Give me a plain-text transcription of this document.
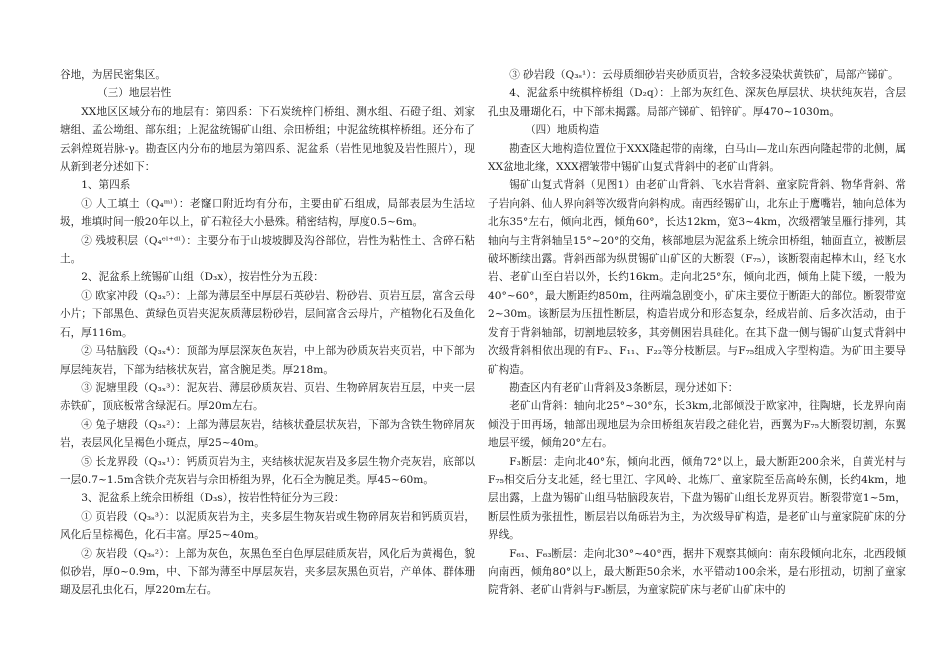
谷地，为居民密集区。

（三）地层岩性

XX地区区域分布的地层有：第四系：下石炭统梓门桥组、测水组、石磴子组、刘家塘组、孟公坳组、部东组；上泥盆统锡矿山组、佘田桥组；中泥盆统棋梓桥组。还分布了云斜煌斑岩脉-γ。勘查区内分布的地层为第四系、泥盆系（岩性见地貌及岩性照片），现从新到老分述如下：

1、第四系

① 人工填土（Q₄ᵐˡ）：老窿口附近均有分布，主要由矿石组成，局部表层为生活垃圾，堆填时间一般20年以上，矿石粒径大小悬殊。稍密结构，厚度0.5~6m。

② 残坡积层（Q₄ᵉˡ⁺ᵈˡ）：主要分布于山坡坡脚及沟谷部位，岩性为粘性土、含碎石粘土。

2、泥盆系上统锡矿山组（D₃x），按岩性分为五段：

① 欧家冲段（Q₃ₓ⁵）：上部为薄层至中厚层石英砂岩、粉砂岩、页岩互层，富含云母小片；下部黑色、黄绿色页岩夹泥灰质薄层粉砂岩，层间富含云母片，产植物化石及鱼化石，厚116m。

② 马牯脑段（Q₃ₓ⁴）：顶部为厚层深灰色灰岩，中上部为砂质灰岩夹页岩，中下部为厚层纯灰岩，下部为结核状灰岩，富含腕足类。厚218m。

③ 泥塘里段（Q₃ₓ³）：泥灰岩、薄层砂质灰岩、页岩、生物碎屑灰岩互层，中夹一层赤铁矿，顶底板常含绿泥石。厚20m左右。

④ 兔子塘段（Q₃ₓ²）：上部为薄层灰岩，结核状叠层状灰岩，下部为含铁生物碎屑灰岩，表层风化呈褐色小斑点，厚25~40m。

⑤ 长龙界段（Q₃ₓ¹）：钙质页岩为主，夹结核状泥灰岩及多层生物介壳灰岩，底部以一层0.7~1.5m含铁介壳灰岩与佘田桥组为界，化石全为腕足类。厚45~60m。

3、泥盆系上统佘田桥组（D₃s），按岩性特征分为三段：

① 页岩段（Q₃ₛ³）：以泥质灰岩为主，夹多层生物灰岩或生物碎屑灰岩和钙质页岩，风化后呈棕褐色，化石丰富。厚25~40m。

② 灰岩段（Q₃ₛ²）：上部为灰色，灰黑色至白色厚层硅质灰岩，风化后为黄褐色，貌似砂岩，厚0~0.9m，中、下部为薄至中厚层灰岩，夹多层灰黑色页岩，产单体、群体珊瑚及层孔虫化石，厚220m左右。

③ 砂岩段（Q₃ₛ¹）：云母质细砂岩夹砂质页岩，含较多浸染状黄铁矿，局部产锑矿。

4、泥盆系中统棋梓桥组（D₂q）：上部为灰红色、深灰色厚层状、块状纯灰岩，含层孔虫及珊瑚化石，中下部未揭露。局部产锑矿、铅锌矿。厚470~1030m。

（四）地质构造

勘查区大地构造位置位于XXX隆起带的南缘，白马山—龙山东西向隆起带的北侧，属XX盆地北缘，XXX褶皱带中锡矿山复式背斜中的老矿山背斜。

锡矿山复式背斜（见图1）由老矿山背斜、飞水岩背斜、童家院背斜、物华背斜、常子岩向斜、仙人界向斜等次级背向斜构成。南西经锡矿山，北东止于鹰嘴岩，轴向总体为北东35°左右，倾向北西，倾角60°，长达12km，宽3~4km，次级褶皱呈雁行排列，其轴向与主背斜轴呈15°~20°的交角，核部地层为泥盆系上统佘田桥组，轴面直立，被断层破坏断续出露。背斜西部为纵贯锡矿山矿区的大断裂（F₇₅），该断裂南起棒木山，经飞水岩、老矿山至白岩以外，长约16km。走向北25°东，倾向北西，倾角上陡下缓，一般为40°~60°，最大断距约850m，往两端急剧变小，矿床主要位于断距大的部位。断裂带宽2~30m。该断层为压扭性断层，构造岩成分和形态复杂，经成岩前、后多次活动，由于发育于背斜轴部，切割地层较多，其旁侧困岩具硅化。在其下盘一侧与锡矿山复式背斜中次级背斜相依出现的有F₂、F₁₁、F₂₂等分枝断层。与F₇₅组成入字型构造。为矿田主要导矿构造。

勘查区内有老矿山背斜及3条断层，现分述如下：

老矿山背斜：轴向北25°~30°东，长3km,北部倾没于欧家冲，往陶塘，长龙界向南倾没于田再场，轴部出现地层为佘田桥组灰岩段之硅化岩，西翼为F₇₅大断裂切割，东翼地层平缓，倾角20°左右。

F₃断层：走向北40°东，倾向北西，倾角72°以上，最大断距200余米，自黄光村与F₇₅相交后分支北延，经七里江、字风岭、北炼厂、童家院至岳高岭东侧，长约4km，地层出露，上盘为锡矿山组马牯脑段灰岩，下盘为锡矿山组长龙界页岩。断裂带宽1~5m，断层性质为张扭性，断层岩以角砾岩为主，为次级导矿构造，是老矿山与童家院矿床的分界线。

F₆₁、F₆₃断层：走向北30°~40°西，据井下观察其倾向：南东段倾向北东，北西段倾向南西，倾角80°以上，最大断距50余米，水平错动100余米，是右形扭动，切割了童家院背斜、老矿山背斜与F₃断层，为童家院矿床与老矿山矿床中的
